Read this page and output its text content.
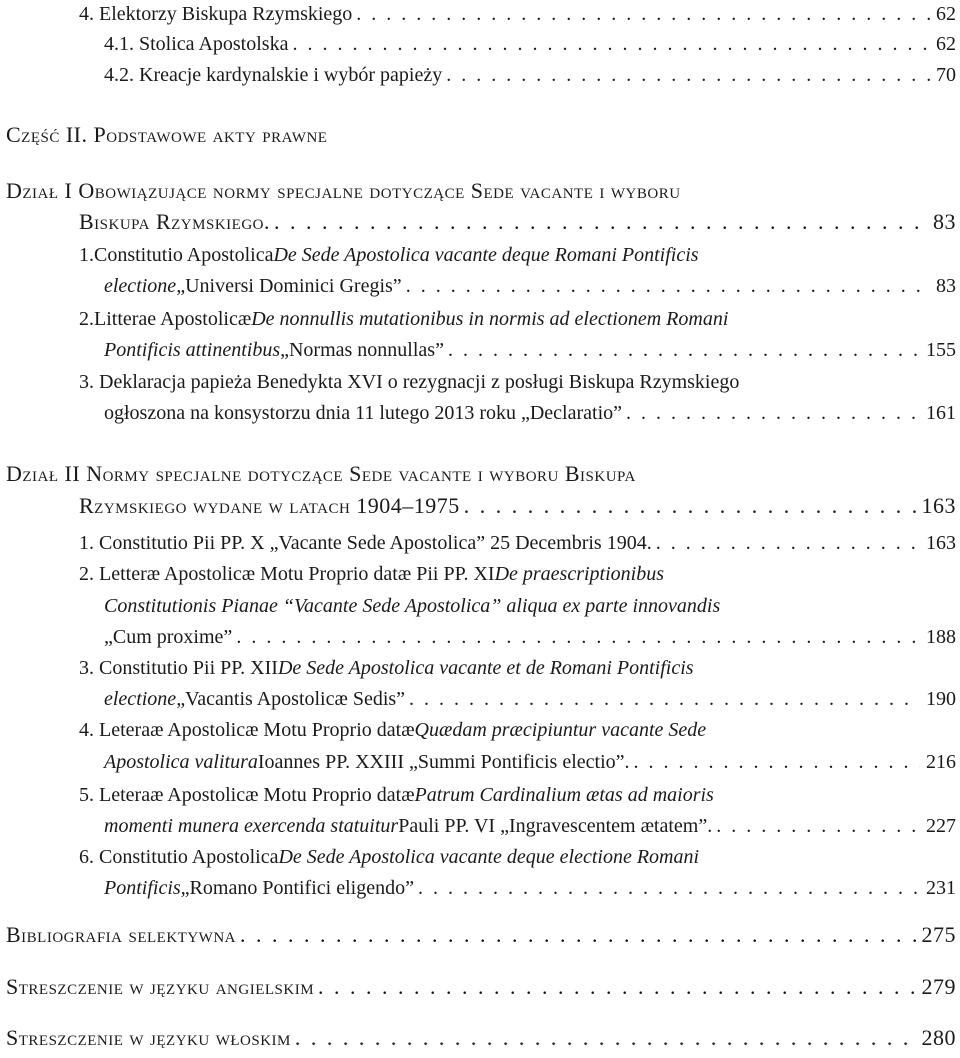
4. Elektorzy Biskupa Rzymskiego . . .	62
4.1. Stolica Apostolska . . .	62
4.2. Kreacje kardynalskie i wybór papieży . . .	70
Część II. Podstawowe akty prawne
Dział I Obowiązujące normy specjalne dotyczące Sede vacante i wyboru
Biskupa Rzymskiego. . . .	83
1. Constitutio Apostolica De Sede Apostolica vacante deque Romani Pontificis
electione „Universi Dominici Gregis” . . .	83
2. Litterae Apostolicæ De nonnullis mutationibus in normis ad electionem Romani
Pontificis attinentibus „Normas nonnullas” . . .	155
3. Deklaracja papieża Benedykta XVI o rezygnacji z posługi Biskupa Rzymskiego
ogłoszona na konsystorzu dnia 11 lutego 2013 roku „Declaratio” . . .	161
Dział II Normy specjalne dotyczące Sede vacante i wyboru Biskupa
Rzymskiego wydane w latach 1904–1975 . . .	163
1. Constitutio Pii PP. X „Vacante Sede Apostolica” 25 Decembris 1904. . . .	163
2. Letteræ Apostolicæ Motu Proprio datæ Pii PP. XI De praescriptionibus
Constitutionis Pianae “Vacante Sede Apostolica” aliqua ex parte innovandis
„Cum proxime” . . .	188
3. Constitutio Pii PP. XII De Sede Apostolica vacante et de Romani Pontificis
electione „Vacantis Apostolicæ Sedis” . . .	190
4. Leteraæ Apostolicæ Motu Proprio datæ Quædam præcipiuntur vacante Sede
Apostolica valitura Ioannes PP. XXIII „Summi Pontificis electio”. . . .	216
5. Leteraæ Apostolicæ Motu Proprio datæ Patrum Cardinalium ætas ad maioris
momenti munera exercenda statuitur Pauli PP. VI „Ingravescentem ætatem”. . . .	227
6. Constitutio Apostolica De Sede Apostolica vacante deque electione Romani
Pontificis „Romano Pontifici eligendo” . . .	231
Bibliografia selektywna . . .	275
Streszczenie w języku angielskim . . .	279
Streszczenie w języku włoskim . . .	280
